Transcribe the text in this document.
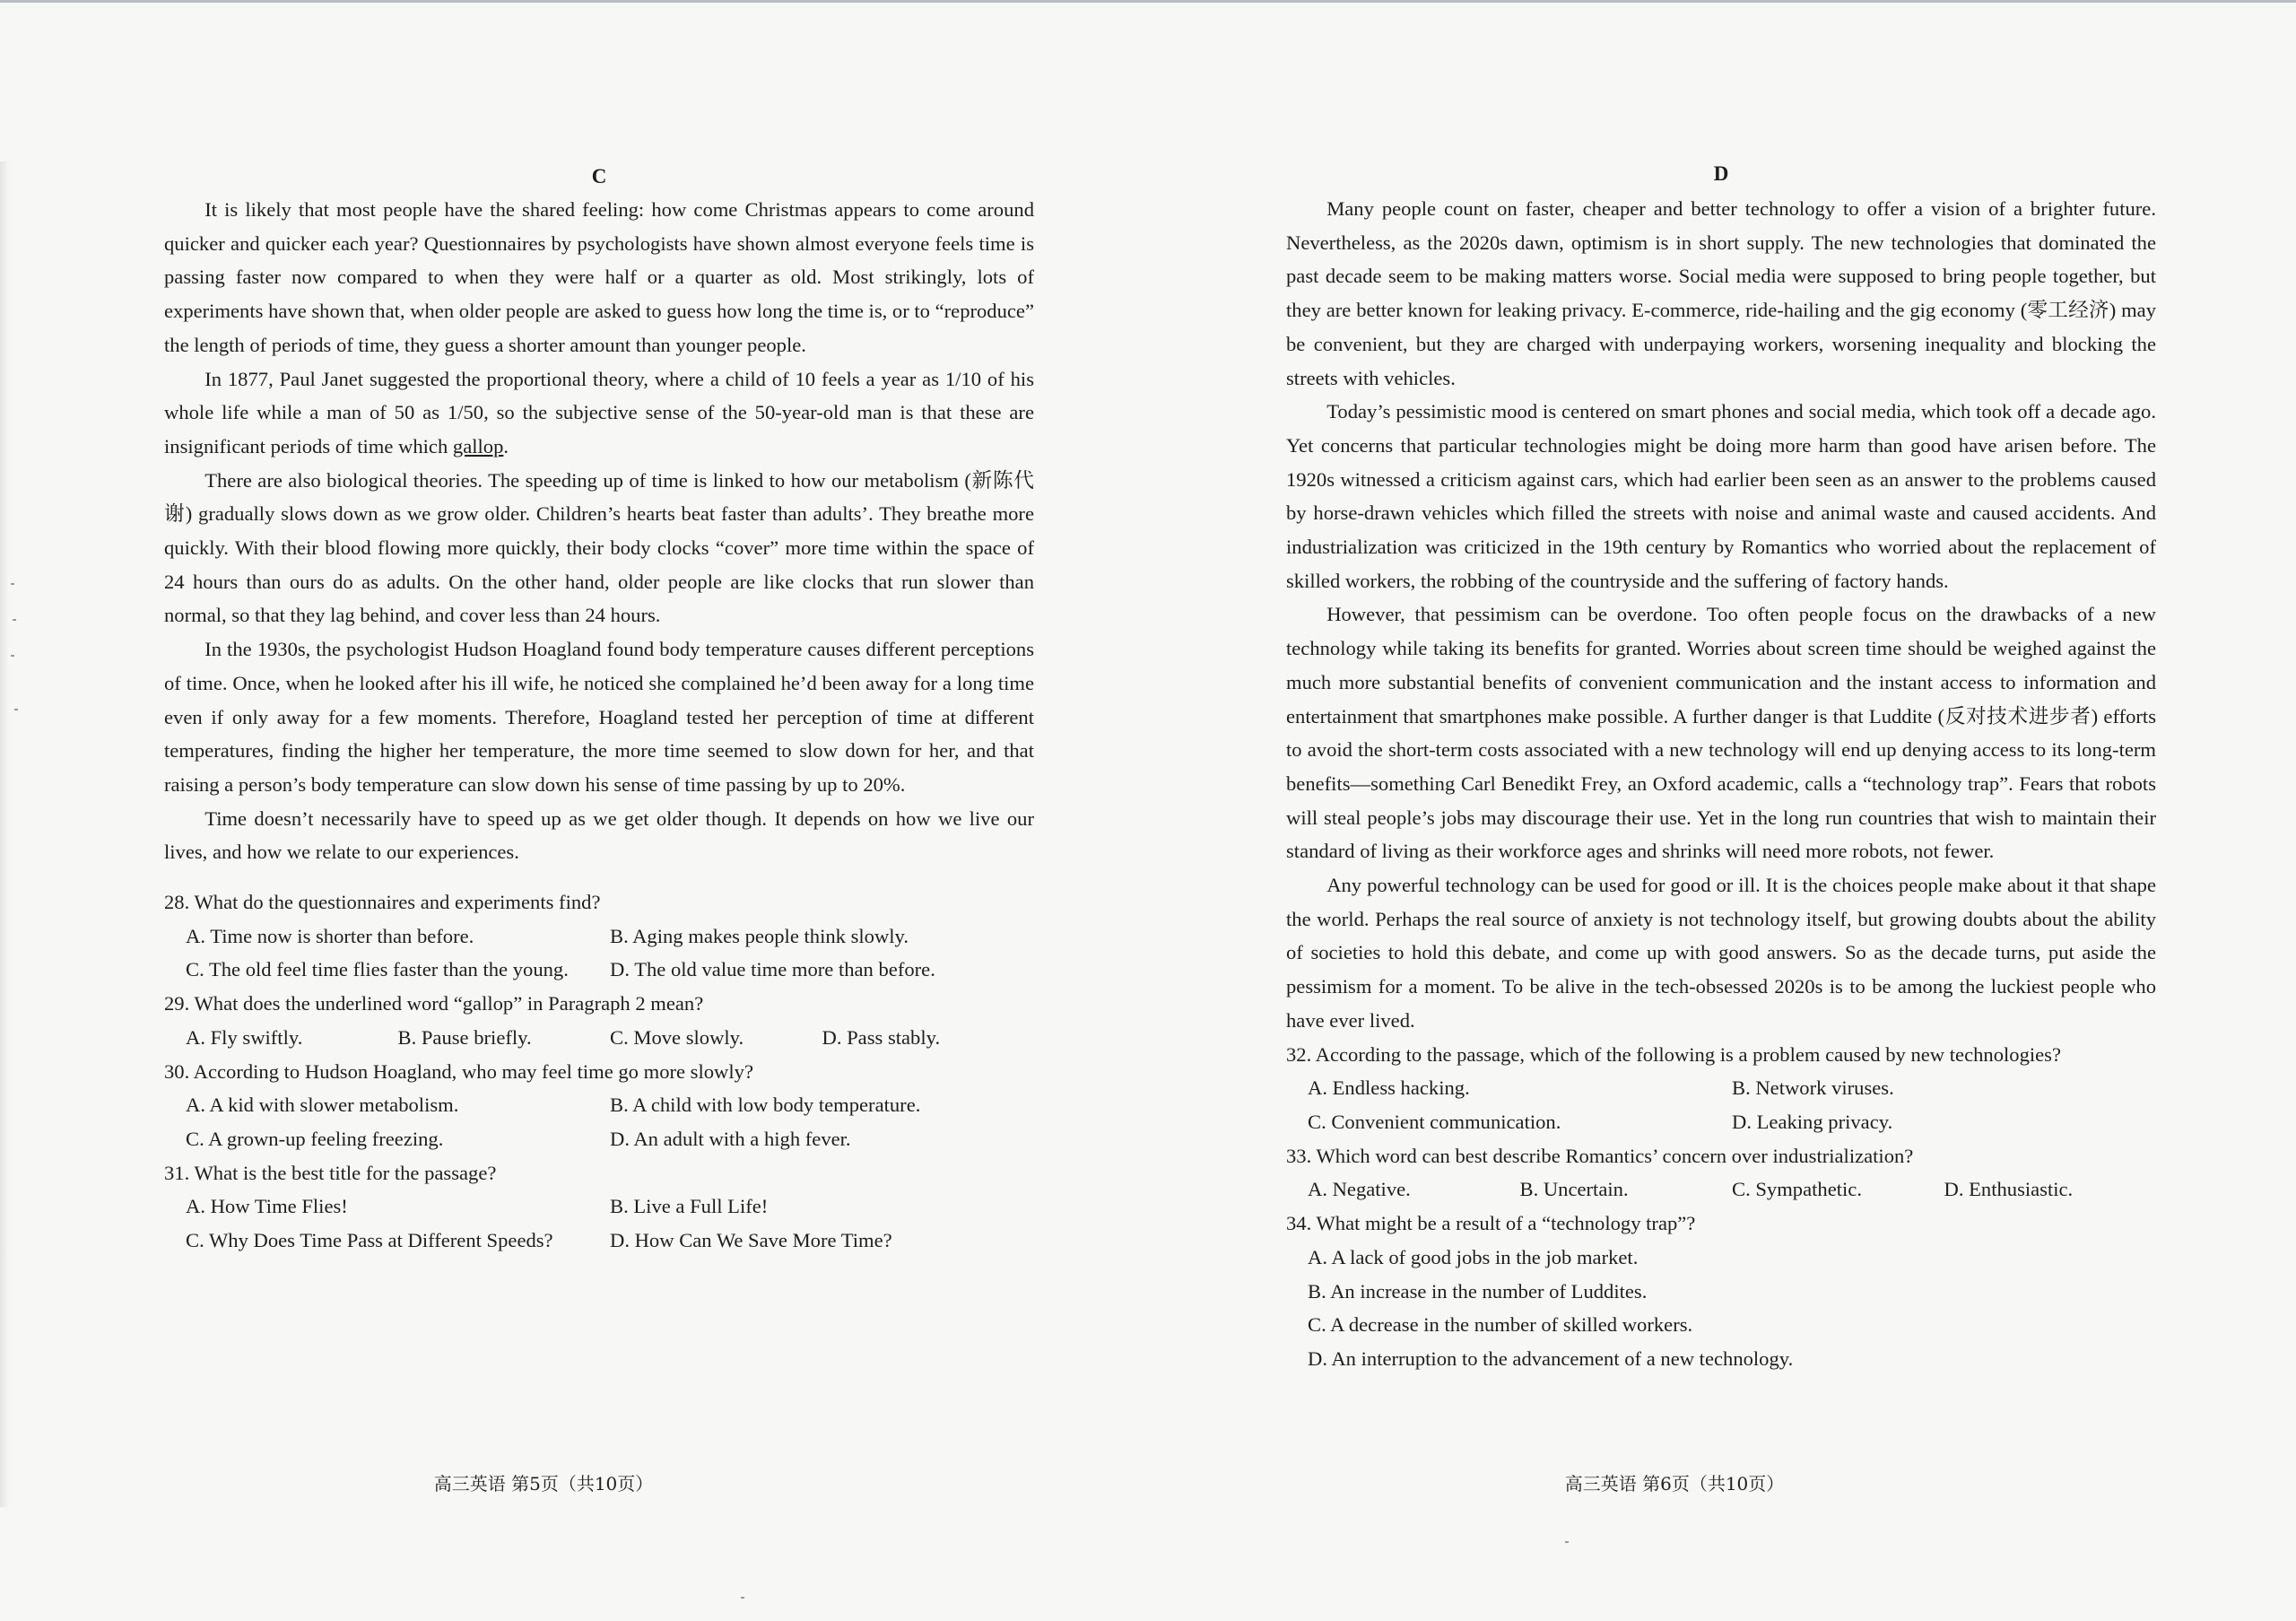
C

It is likely that most people have the shared feeling: how come Christmas appears to come around quicker and quicker each year? Questionnaires by psychologists have shown almost everyone feels time is passing faster now compared to when they were half or a quarter as old. Most strikingly, lots of experiments have shown that, when older people are asked to guess how long the time is, or to “reproduce” the length of periods of time, they guess a shorter amount than younger people.

In 1877, Paul Janet suggested the proportional theory, where a child of 10 feels a year as 1/10 of his whole life while a man of 50 as 1/50, so the subjective sense of the 50-year-old man is that these are insignificant periods of time which gallop.

There are also biological theories. The speeding up of time is linked to how our metabolism (新陈代谢) gradually slows down as we grow older. Children’s hearts beat faster than adults’. They breathe more quickly. With their blood flowing more quickly, their body clocks “cover” more time within the space of 24 hours than ours do as adults. On the other hand, older people are like clocks that run slower than normal, so that they lag behind, and cover less than 24 hours.

In the 1930s, the psychologist Hudson Hoagland found body temperature causes different perceptions of time. Once, when he looked after his ill wife, he noticed she complained he’d been away for a long time even if only away for a few moments. Therefore, Hoagland tested her perception of time at different temperatures, finding the higher her temperature, the more time seemed to slow down for her, and that raising a person’s body temperature can slow down his sense of time passing by up to 20%.

Time doesn’t necessarily have to speed up as we get older though. It depends on how we live our lives, and how we relate to our experiences.

28. What do the questionnaires and experiments find?

A. Time now is shorter than before.	B. Aging makes people think slowly.
C. The old feel time flies faster than the young.	D. The old value time more than before.

29. What does the underlined word “gallop” in Paragraph 2 mean?

A. Fly swiftly.	B. Pause briefly.	C. Move slowly.	D. Pass stably.

30. According to Hudson Hoagland, who may feel time go more slowly?

A. A kid with slower metabolism.	B. A child with low body temperature.
C. A grown-up feeling freezing.	D. An adult with a high fever.

31. What is the best title for the passage?

A. How Time Flies!	B. Live a Full Life!
C. Why Does Time Pass at Different Speeds?	D. How Can We Save More Time?

D

Many people count on faster, cheaper and better technology to offer a vision of a brighter future. Nevertheless, as the 2020s dawn, optimism is in short supply. The new technologies that dominated the past decade seem to be making matters worse. Social media were supposed to bring people together, but they are better known for leaking privacy. E-commerce, ride-hailing and the gig economy (零工经济) may be convenient, but they are charged with underpaying workers, worsening inequality and blocking the streets with vehicles.

Today’s pessimistic mood is centered on smart phones and social media, which took off a decade ago. Yet concerns that particular technologies might be doing more harm than good have arisen before. The 1920s witnessed a criticism against cars, which had earlier been seen as an answer to the problems caused by horse-drawn vehicles which filled the streets with noise and animal waste and caused accidents. And industrialization was criticized in the 19th century by Romantics who worried about the replacement of skilled workers, the robbing of the countryside and the suffering of factory hands.

However, that pessimism can be overdone. Too often people focus on the drawbacks of a new technology while taking its benefits for granted. Worries about screen time should be weighed against the much more substantial benefits of convenient communication and the instant access to information and entertainment that smartphones make possible. A further danger is that Luddite (反对技术进步者) efforts to avoid the short-term costs associated with a new technology will end up denying access to its long-term benefits—something Carl Benedikt Frey, an Oxford academic, calls a “technology trap”. Fears that robots will steal people’s jobs may discourage their use. Yet in the long run countries that wish to maintain their standard of living as their workforce ages and shrinks will need more robots, not fewer.

Any powerful technology can be used for good or ill. It is the choices people make about it that shape the world. Perhaps the real source of anxiety is not technology itself, but growing doubts about the ability of societies to hold this debate, and come up with good answers. So as the decade turns, put aside the pessimism for a moment. To be alive in the tech-obsessed 2020s is to be among the luckiest people who have ever lived.

32. According to the passage, which of the following is a problem caused by new technologies?

A. Endless hacking.	B. Network viruses.
C. Convenient communication.	D. Leaking privacy.

33. Which word can best describe Romantics’ concern over industrialization?

A. Negative.	B. Uncertain.	C. Sympathetic.	D. Enthusiastic.

34. What might be a result of a “technology trap”?

A. A lack of good jobs in the job market.
B. An increase in the number of Luddites.
C. A decrease in the number of skilled workers.
D. An interruption to the advancement of a new technology.
高三英语 第5页（共10页）	高三英语 第6页（共10页）
